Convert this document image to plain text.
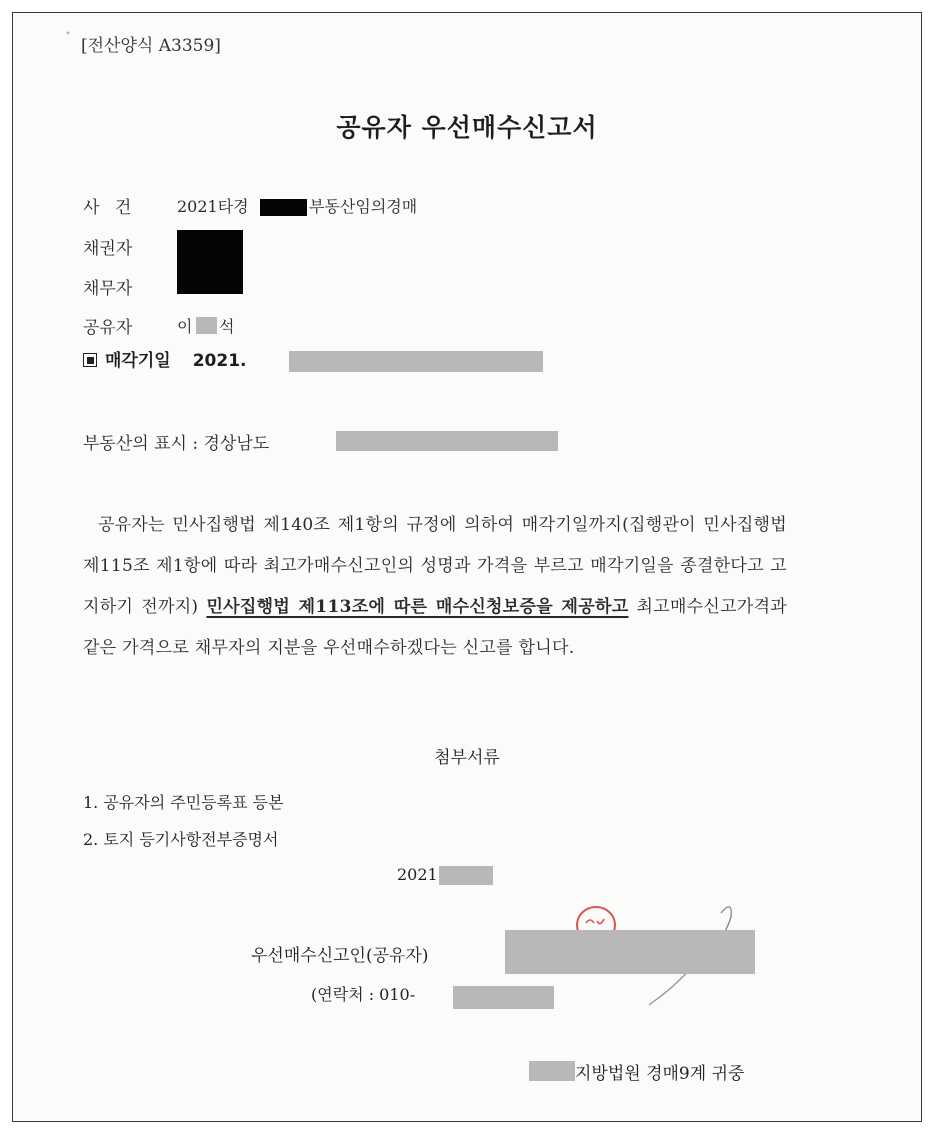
•
[전산양식 A3359]
공유자 우선매수신고서
사 건	2021타경	부동산임의경매
채권자
채무자
공유자	이 석
매각기일 2021.
부동산의 표시 : 경상남도
공유자는 민사집행법 제140조 제1항의 규정에 의하여 매각기일까지(집행관이 민사집행법 제115조 제1항에 따라 최고가매수신고인의 성명과 가격을 부르고 매각기일을 종결한다고 고지하기 전까지) 민사집행법 제113조에 따른 매수신청보증을 제공하고 최고매수신고가격과 같은 가격으로 채무자의 지분을 우선매수하겠다는 신고를 합니다.
첨부서류
1. 공유자의 주민등록표 등본
2. 토지 등기사항전부증명서
2021
우선매수신고인(공유자)
(연락처 : 010-
지방법원 경매9계 귀중
